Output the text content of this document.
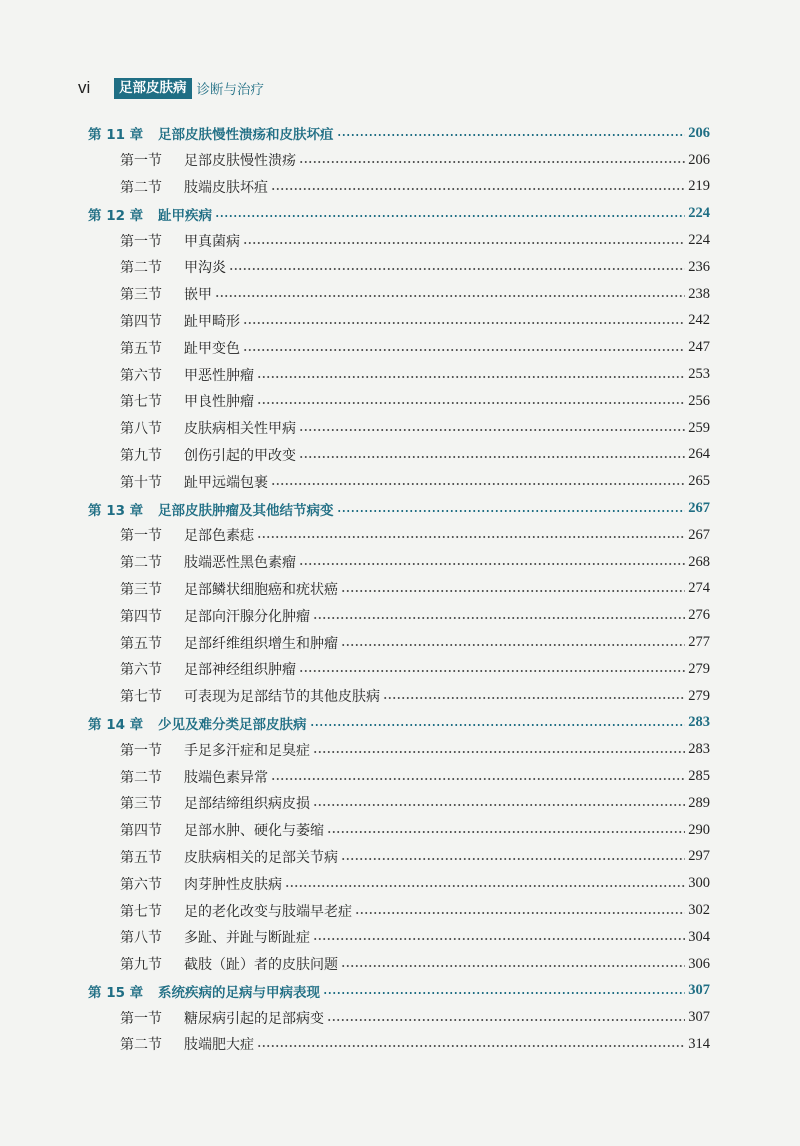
vi	足部皮肤病 诊断与治疗
第 11 章	足部皮肤慢性溃疡和皮肤坏疽	206
第一节	足部皮肤慢性溃疡	206
第二节	肢端皮肤坏疽	219
第 12 章	趾甲疾病	224
第一节	甲真菌病	224
第二节	甲沟炎	236
第三节	嵌甲	238
第四节	趾甲畸形	242
第五节	趾甲变色	247
第六节	甲恶性肿瘤	253
第七节	甲良性肿瘤	256
第八节	皮肤病相关性甲病	259
第九节	创伤引起的甲改变	264
第十节	趾甲远端包裹	265
第 13 章	足部皮肤肿瘤及其他结节病变	267
第一节	足部色素痣	267
第二节	肢端恶性黑色素瘤	268
第三节	足部鳞状细胞癌和疣状癌	274
第四节	足部向汗腺分化肿瘤	276
第五节	足部纤维组织增生和肿瘤	277
第六节	足部神经组织肿瘤	279
第七节	可表现为足部结节的其他皮肤病	279
第 14 章	少见及难分类足部皮肤病	283
第一节	手足多汗症和足臭症	283
第二节	肢端色素异常	285
第三节	足部结缔组织病皮损	289
第四节	足部水肿、硬化与萎缩	290
第五节	皮肤病相关的足部关节病	297
第六节	肉芽肿性皮肤病	300
第七节	足的老化改变与肢端早老症	302
第八节	多趾、并趾与断趾症	304
第九节	截肢（趾）者的皮肤问题	306
第 15 章	系统疾病的足病与甲病表现	307
第一节	糖尿病引起的足部病变	307
第二节	肢端肥大症	314
